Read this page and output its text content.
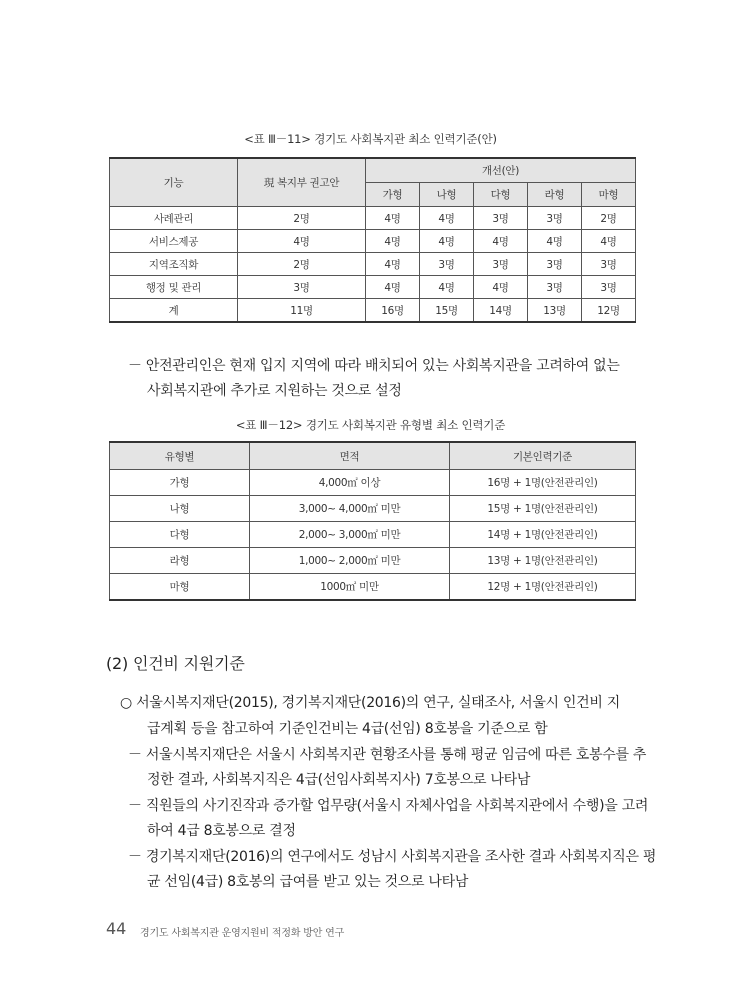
<표 Ⅲ－11> 경기도 사회복지관 최소 인력기준(안)
기능	現 복지부 권고안	개선(안)				
		가형	나형	다형	라형	마형
사례관리	2명	4명	4명	3명	3명	2명
서비스제공	4명	4명	4명	4명	4명	4명
지역조직화	2명	4명	3명	3명	3명	3명
행정 및 관리	3명	4명	4명	4명	3명	3명
계	11명	16명	15명	14명	13명	12명
－ 안전관리인은 현재 입지 지역에 따라 배치되어 있는 사회복지관을 고려하여 없는
사회복지관에 추가로 지원하는 것으로 설정
<표 Ⅲ－12> 경기도 사회복지관 유형별 최소 인력기준
유형별	면적	기본인력기준
가형	4,000㎡ 이상	16명 + 1명(안전관리인)
나형	3,000~ 4,000㎡ 미만	15명 + 1명(안전관리인)
다형	2,000~ 3,000㎡ 미만	14명 + 1명(안전관리인)
라형	1,000~ 2,000㎡ 미만	13명 + 1명(안전관리인)
마형	1000㎡ 미만	12명 + 1명(안전관리인)
(2) 인건비 지원기준
○ 서울시복지재단(2015), 경기복지재단(2016)의 연구, 실태조사, 서울시 인건비 지
급계획 등을 참고하여 기준인건비는 4급(선임) 8호봉을 기준으로 함
－ 서울시복지재단은 서울시 사회복지관 현황조사를 통해 평균 임금에 따른 호봉수를 추
정한 결과, 사회복지직은 4급(선임사회복지사) 7호봉으로 나타남
－ 직원들의 사기진작과 증가할 업무량(서울시 자체사업을 사회복지관에서 수행)을 고려
하여 4급 8호봉으로 결정
－ 경기복지재단(2016)의 연구에서도 성남시 사회복지관을 조사한 결과 사회복지직은 평
균 선임(4급) 8호봉의 급여를 받고 있는 것으로 나타남
44 경기도 사회복지관 운영지원비 적정화 방안 연구
